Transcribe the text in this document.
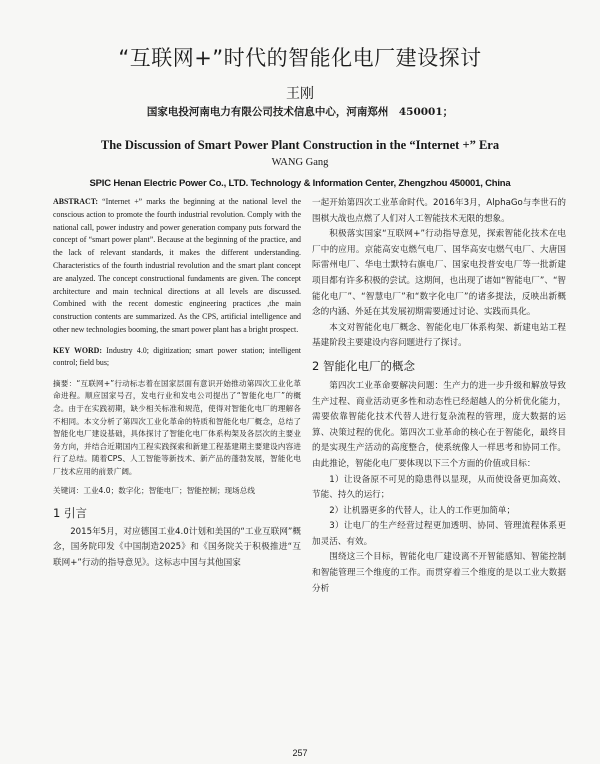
“互联网+”时代的智能化电厂建设探讨
王刚
国家电投河南电力有限公司技术信息中心，河南郑州　450001；
The Discussion of Smart Power Plant Construction in the “Internet +” Era
WANG Gang
SPIC Henan Electric Power Co., LTD. Technology & Information Center, Zhengzhou 450001, China

ABSTRACT: “Internet +” marks the beginning at the national level the conscious action to promote the fourth industrial revolution. Comply with the national call, power industry and power generation company puts forward the concept of “smart power plant”. Because at the beginning of the practice, and the lack of relevant standards, it makes the different understanding. Characteristics of the fourth industrial revolution and the smart plant concept are analyzed. The concept constructional fundaments are given. The concept architecture and main technical directions at all levels are discussed. Combined with the recent domestic engineering practices ,the main construction contents are summarized. As the CPS, artificial intelligence and other new technologies booming, the smart power plant has a bright prospect.

KEY WORD: Industry 4.0; digitization; smart power station; intelligent control; field bus;

摘要：“互联网+”行动标志着在国家层面有意识开始推动第四次工业化革命进程。顺应国家号召，发电行业和发电公司提出了“智能化电厂”的概念。由于在实践初期，缺少相关标准和规范，使得对智能化电厂的理解各不相同。本文分析了第四次工业化革命的特质和智能化电厂概念，总结了智能化电厂建设基础，具体探讨了智能化电厂体系构架及各层次的主要业务方向，并结合近期国内工程实践探索和新建工程基建期主要建设内容进行了总结。随着CPS、人工智能等新技术、新产品的蓬勃发展，智能化电厂技术应用的前景广阔。

关键词：工业4.0；数字化；智能电厂；智能控制；现场总线

1 引言

2015年5月，对应德国工业4.0计划和美国的“工业互联网”概念，国务院印发《中国制造2025》和《国务院关于积极推进“互联网+”行动的指导意见》。这标志中国与其他国家

一起开始第四次工业革命时代。2016年3月，AlphaGo与李世石的围棋大战也点燃了人们对人工智能技术无限的想象。

积极落实国家“互联网+”行动指导意见，探索智能化技术在电厂中的应用。京能高安屯燃气电厂、国华高安屯燃气电厂、大唐国际雷州电厂、华电士默特右旗电厂、国家电投普安电厂等一批新建项目都有许多积极的尝试。这期间，也出现了诸如“智能电厂”、“智能化电厂”、“智慧电厂”和“数字化电厂”的诸多提法，反映出新概念的内涵、外延在其发展初期需要通过讨论、实践而具化。

本文对智能化电厂概念、智能化电厂体系构架、新建电站工程基建阶段主要建设内容问题进行了探讨。

2 智能化电厂的概念

第四次工业革命要解决问题：生产力的进一步升级和解放导致生产过程、商业活动更多性和动态性已经超越人的分析优化能力，需要依靠智能化技术代替人进行复杂流程的管理，庞大数据的运算、决策过程的优化。第四次工业革命的核心在于智能化，最终目的是实现生产活动的高度整合，使系统像人一样思考和协同工作。由此推论，智能化电厂要体现以下三个方面的价值或目标：

1）让设备原不可见的隐患得以显现，从而使设备更加高效、节能、持久的运行；

2）让机器更多的代替人，让人的工作更加简单；

3）让电厂的生产经营过程更加透明、协同、管理流程体系更加灵活、有效。

围绕这三个目标，智能化电厂建设离不开智能感知、智能控制和智能管理三个维度的工作。而贯穿着三个维度的是以工业大数据分析

257
